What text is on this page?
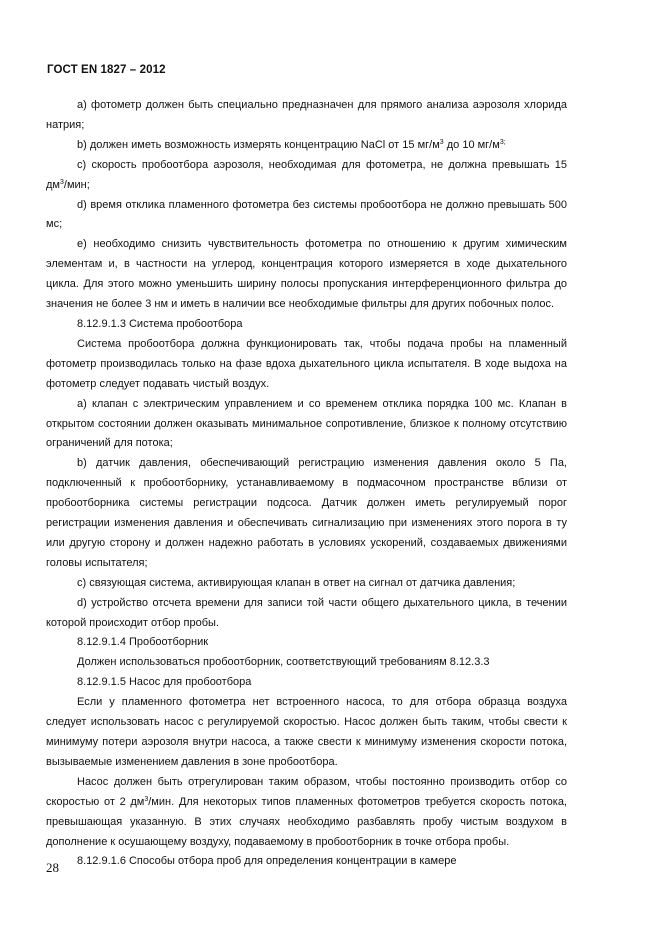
ГОСТ EN 1827 – 2012

a) фотометр должен быть специально предназначен для прямого анализа аэрозоля хлорида натрия;

b) должен иметь возможность измерять концентрацию NaCl от 15 $мг/м^3$ до 10 $мг/м^{3;}$

с) скорость пробоотбора аэрозоля, необходимая для фотометра, не должна превышать 15 $дм^3$/мин;

d) время отклика пламенного фотометра без системы пробоотбора не должно превышать 500 мс;

е) необходимо снизить чувствительность фотометра по отношению к другим химическим элементам и, в частности на углерод, концентрация которого измеряется в ходе дыхательного цикла. Для этого можно уменьшить ширину полосы пропускания интерференционного фильтра до значения не более 3 нм и иметь в наличии все необходимые фильтры для других побочных полос.

8.12.9.1.3 Система пробоотбора

Система пробоотбора должна функционировать так, чтобы подача пробы на пламенный фотометр производилась только на фазе вдоха дыхательного цикла испытателя. В ходе выдоха на фотометр следует подавать чистый воздух.

a) клапан с электрическим управлением и со временем отклика порядка 100 мс. Клапан в открытом состоянии должен оказывать минимальное сопротивление, близкое к полному отсутствию ограничений для потока;

b) датчик давления, обеспечивающий регистрацию изменения давления около 5 Па, подключенный к пробоотборнику, устанавливаемому в подмасочном пространстве вблизи от пробоотборника системы регистрации подсоса. Датчик должен иметь регулируемый порог регистрации изменения давления и обеспечивать сигнализацию при изменениях этого порога в ту или другую сторону и должен надежно работать в условиях ускорений, создаваемых движениями головы испытателя;

с) связующая система, активирующая клапан в ответ на сигнал от датчика давления;

d) устройство отсчета времени для записи той части общего дыхательного цикла, в течении которой происходит отбор пробы.

8.12.9.1.4 Пробоотборник

Должен использоваться пробоотборник, соответствующий требованиям 8.12.3.3

8.12.9.1.5 Насос для пробоотбора

Если у пламенного фотометра нет встроенного насоса, то для отбора образца воздуха следует использовать насос с регулируемой скоростью. Насос должен быть таким, чтобы свести к минимуму потери аэрозоля внутри насоса, а также свести к минимуму изменения скорости потока, вызываемые изменением давления в зоне пробоотбора.

Насос должен быть отрегулирован таким образом, чтобы постоянно производить отбор со скоростью от 2 $дм^3$/мин. Для некоторых типов пламенных фотометров требуется скорость потока, превышающая указанную. В этих случаях необходимо разбавлять пробу чистым воздухом в дополнение к осушающему воздуху, подаваемому в пробоотборник в точке отбора пробы.

8.12.9.1.6 Способы отбора проб для определения концентрации в камере

28
